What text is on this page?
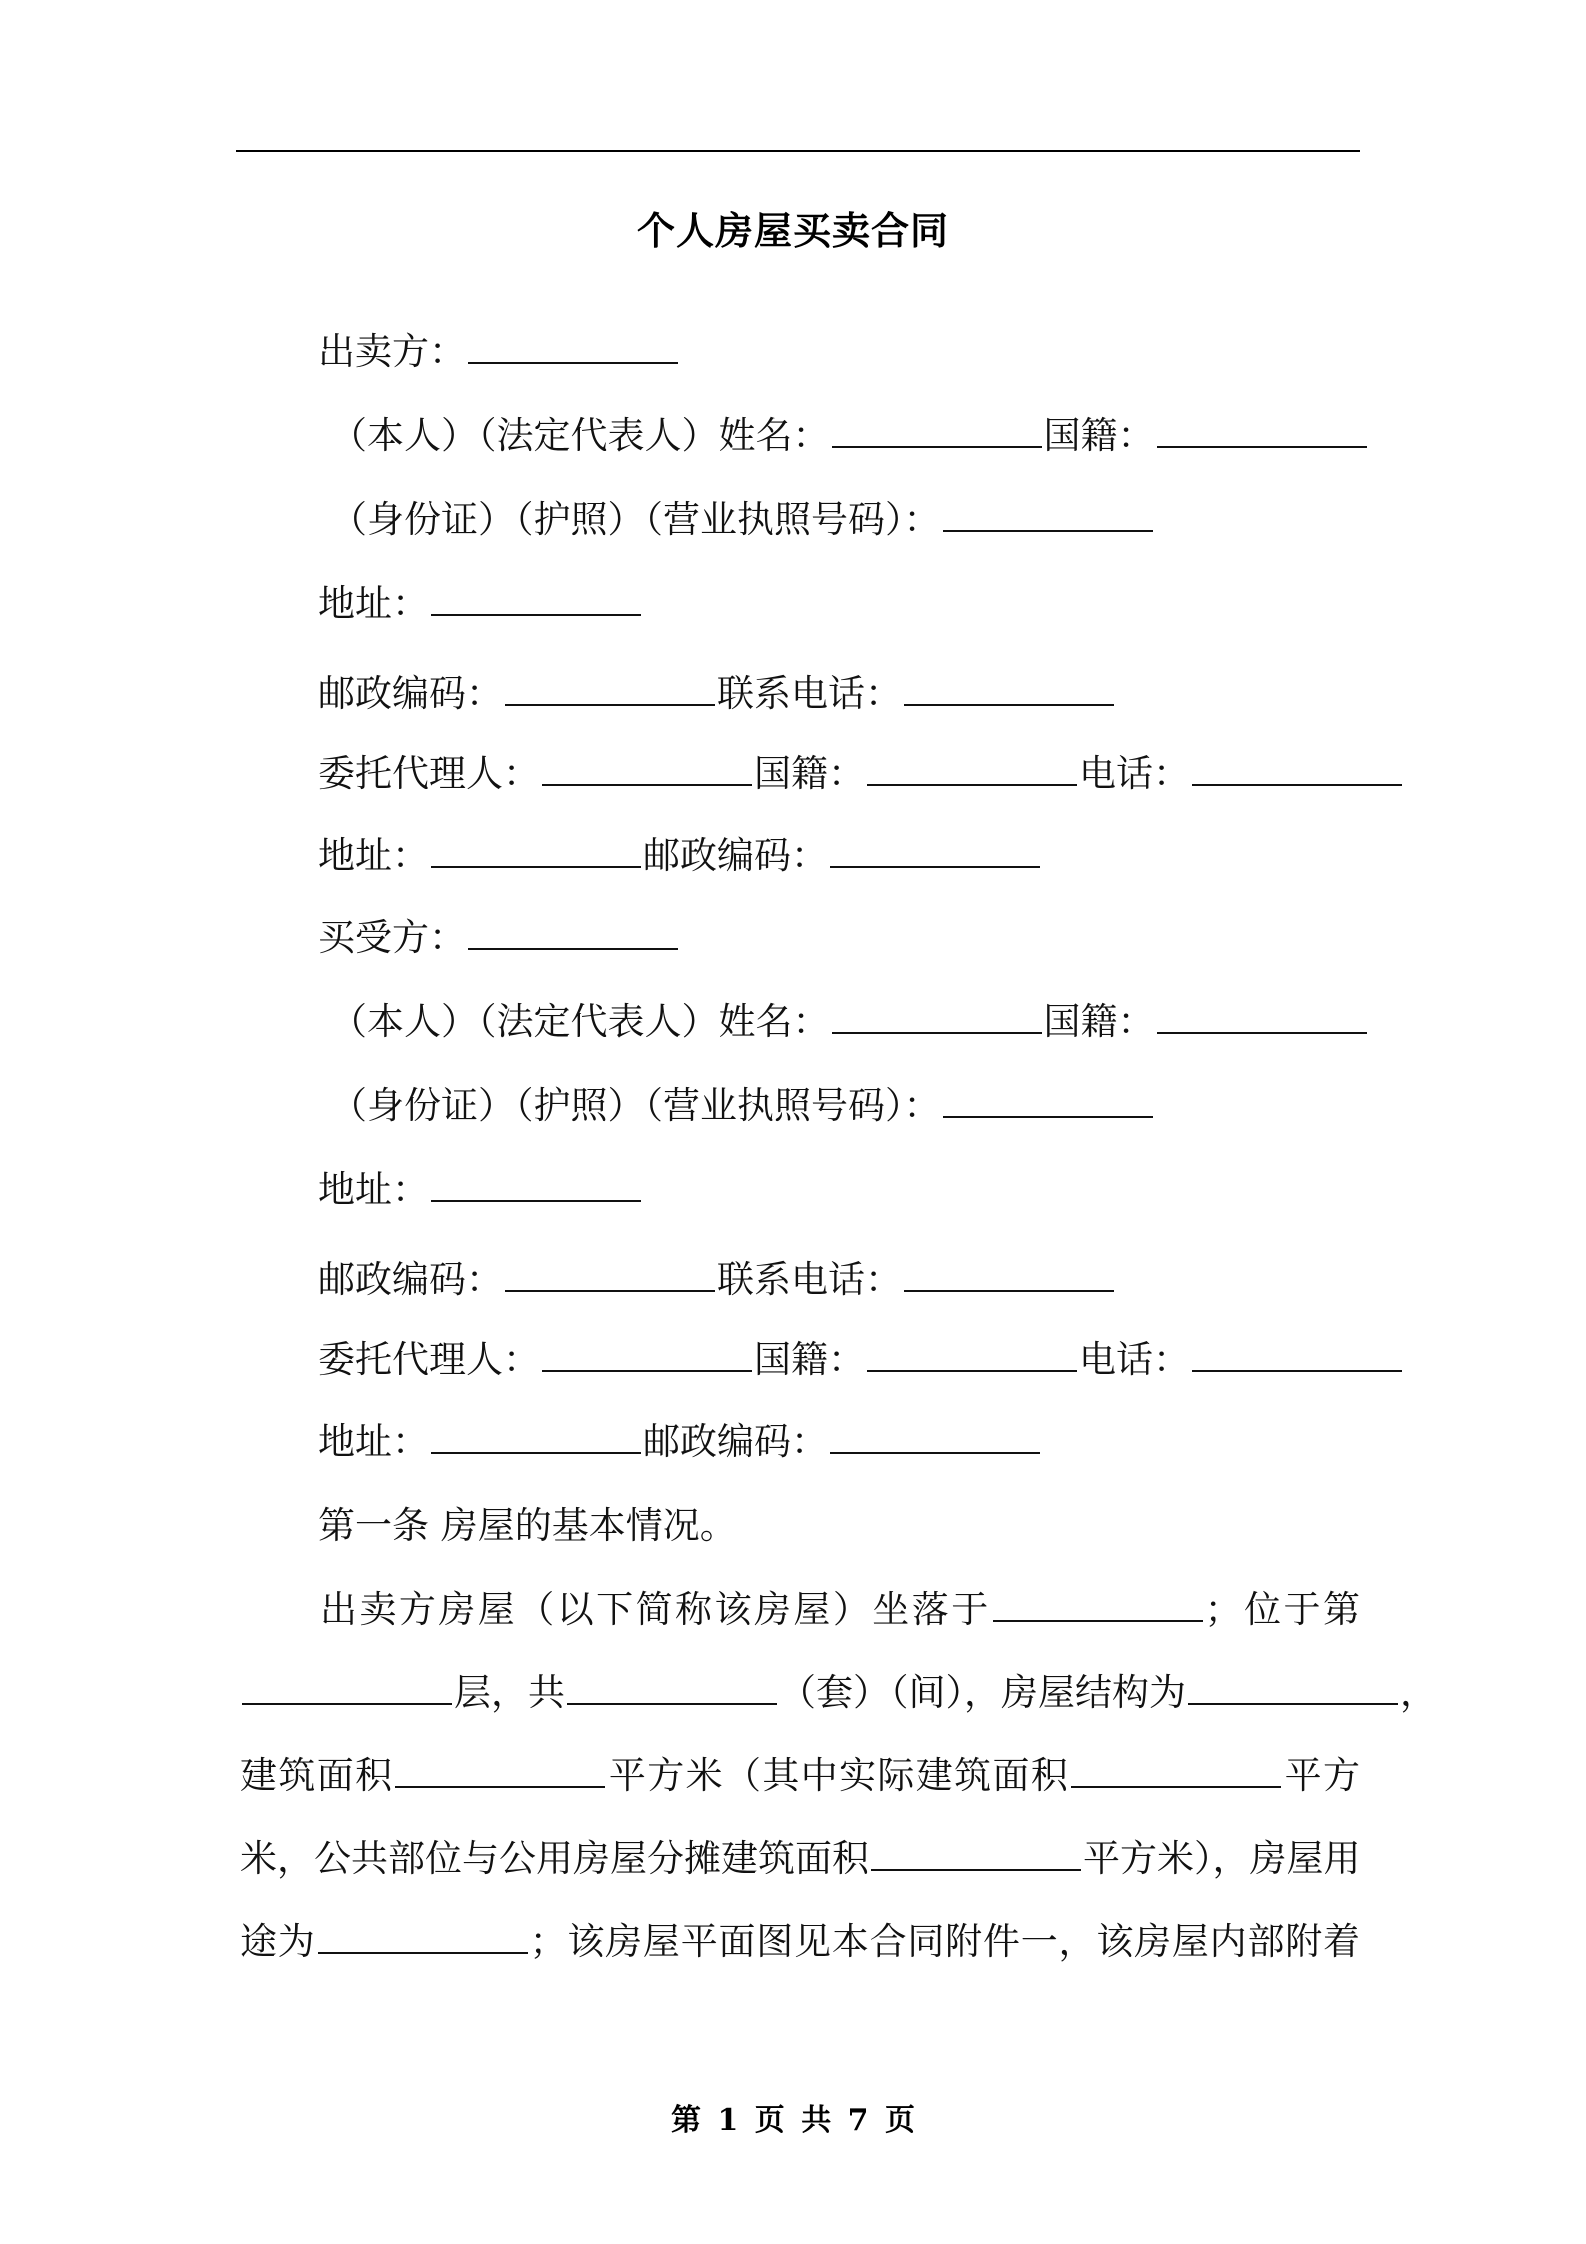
个人房屋买卖合同
出卖方：
（本人）（法定代表人）姓名：	国籍：
（身份证）（护照）（营业执照号码）：
地址：
邮政编码：	联系电话：
委托代理人：	国籍：	电话：
地址：	邮政编码：
买受方：
（本人）（法定代表人）姓名：	国籍：
（身份证）（护照）（营业执照号码）：
地址：
邮政编码：	联系电话：
委托代理人：	国籍：	电话：
地址：	邮政编码：
第一条 房屋的基本情况。
出卖方房屋（以下简称该房屋）坐落于	；位于第
层，共	（套）（间），房屋结构为	，
建筑面积	平方米（其中实际建筑面积	平方
米，公共部位与公用房屋分摊建筑面积	平方米），房屋用
途为	；该房屋平面图见本合同附件一，该房屋内部附着
第 1 页 共 7 页
